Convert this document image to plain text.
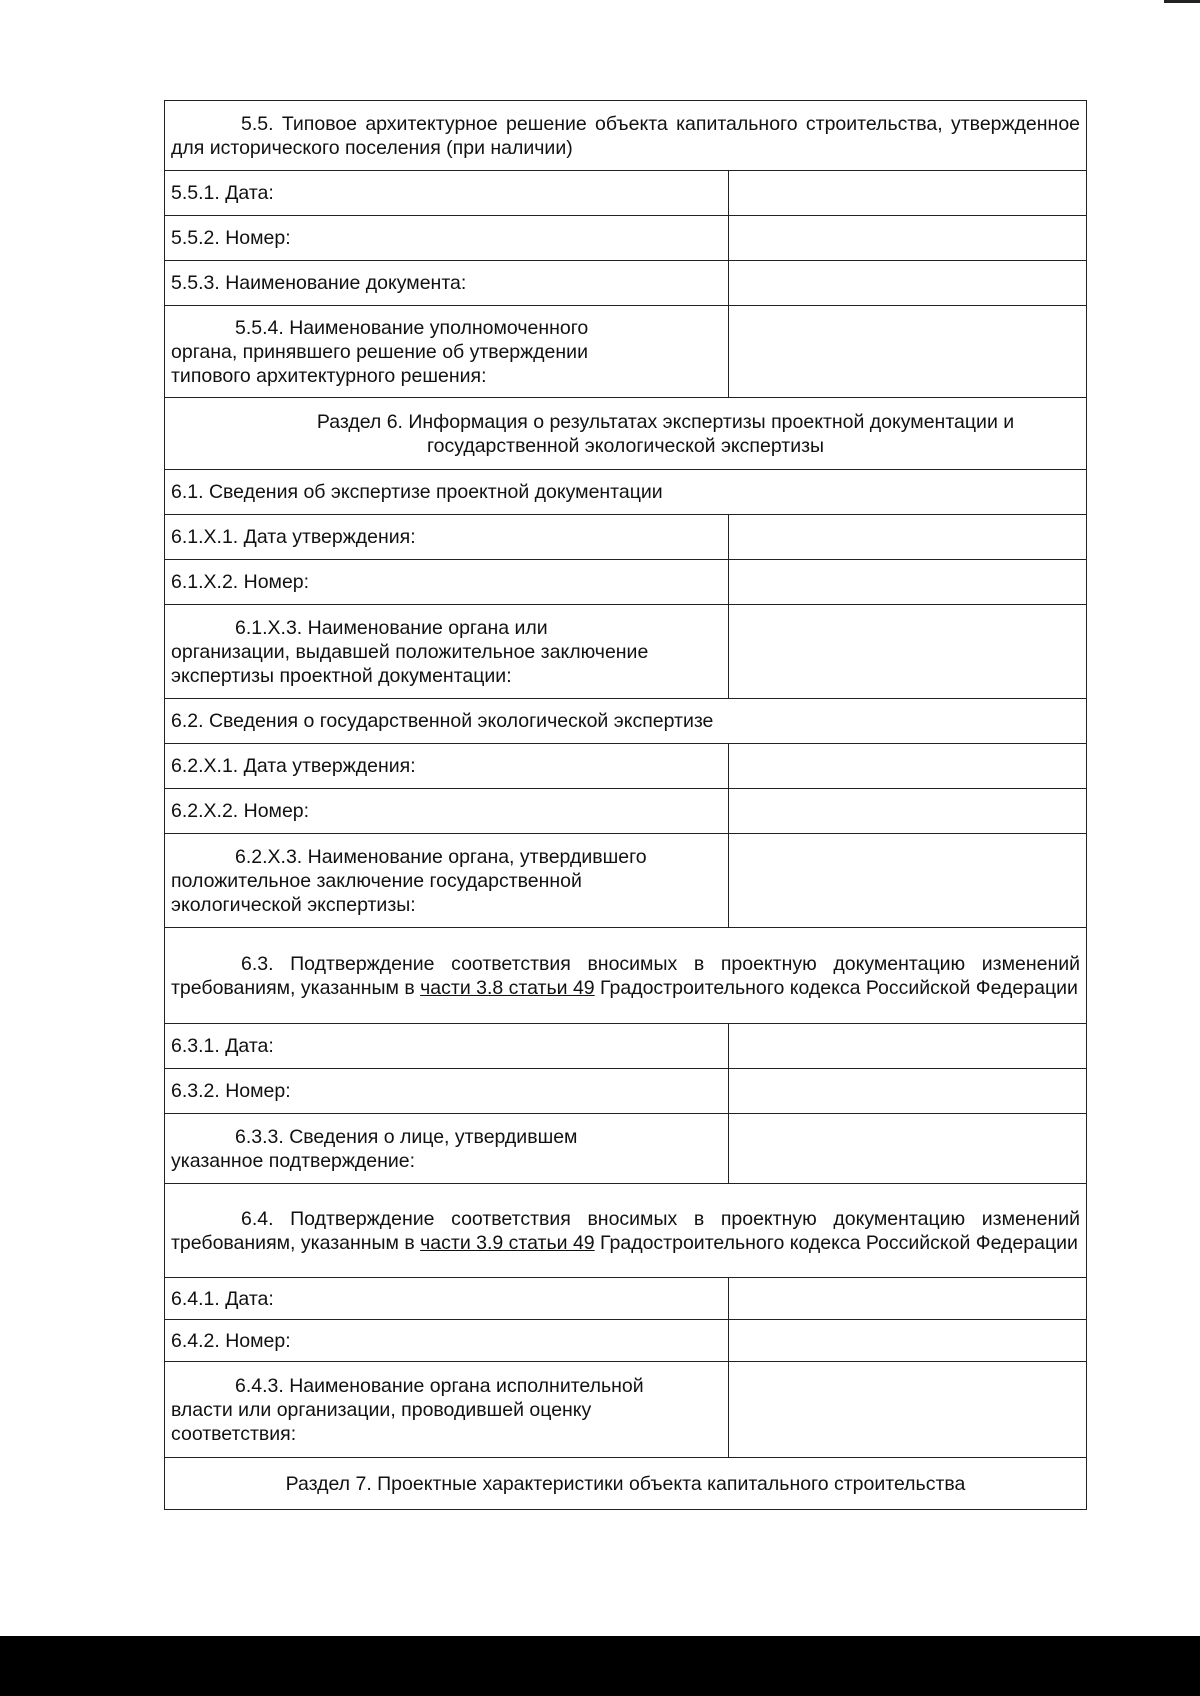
5.5. Типовое архитектурное решение объекта капитального строительства, утвержденное для исторического поселения (при наличии)	
5.5.1. Дата:	
5.5.2. Номер:	
5.5.3. Наименование документа:	

5.5.4. Наименование уполномоченного
органа, принявшего решение об утверждении
типового архитектурного решения:	

Раздел 6. Информация о результатах экспертизы проектной документации и
государственной экологической экспертизы	

6.1. Сведения об экспертизе проектной документации	
6.1.X.1. Дата утверждения:	
6.1.X.2. Номер:	

6.1.X.3. Наименование органа или
организации, выдавшей положительное заключение
экспертизы проектной документации:	

6.2. Сведения о государственной экологической экспертизе	
6.2.X.1. Дата утверждения:	
6.2.X.2. Номер:	

6.2.X.3. Наименование органа, утвердившего
положительное заключение государственной
экологической экспертизы:	

6.3. Подтверждение соответствия вносимых в проектную документацию изменений требованиям, указанным в части 3.8 статьи 49 Градостроительного кодекса Российской Федерации	
6.3.1. Дата:	
6.3.2. Номер:	

6.3.3. Сведения о лице, утвердившем
указанное подтверждение:	

6.4. Подтверждение соответствия вносимых в проектную документацию изменений требованиям, указанным в части 3.9 статьи 49 Градостроительного кодекса Российской Федерации	
6.4.1. Дата:	
6.4.2. Номер:	

6.4.3. Наименование органа исполнительной
власти или организации, проводившей оценку
соответствия:	

Раздел 7. Проектные характеристики объекта капитального строительства	
